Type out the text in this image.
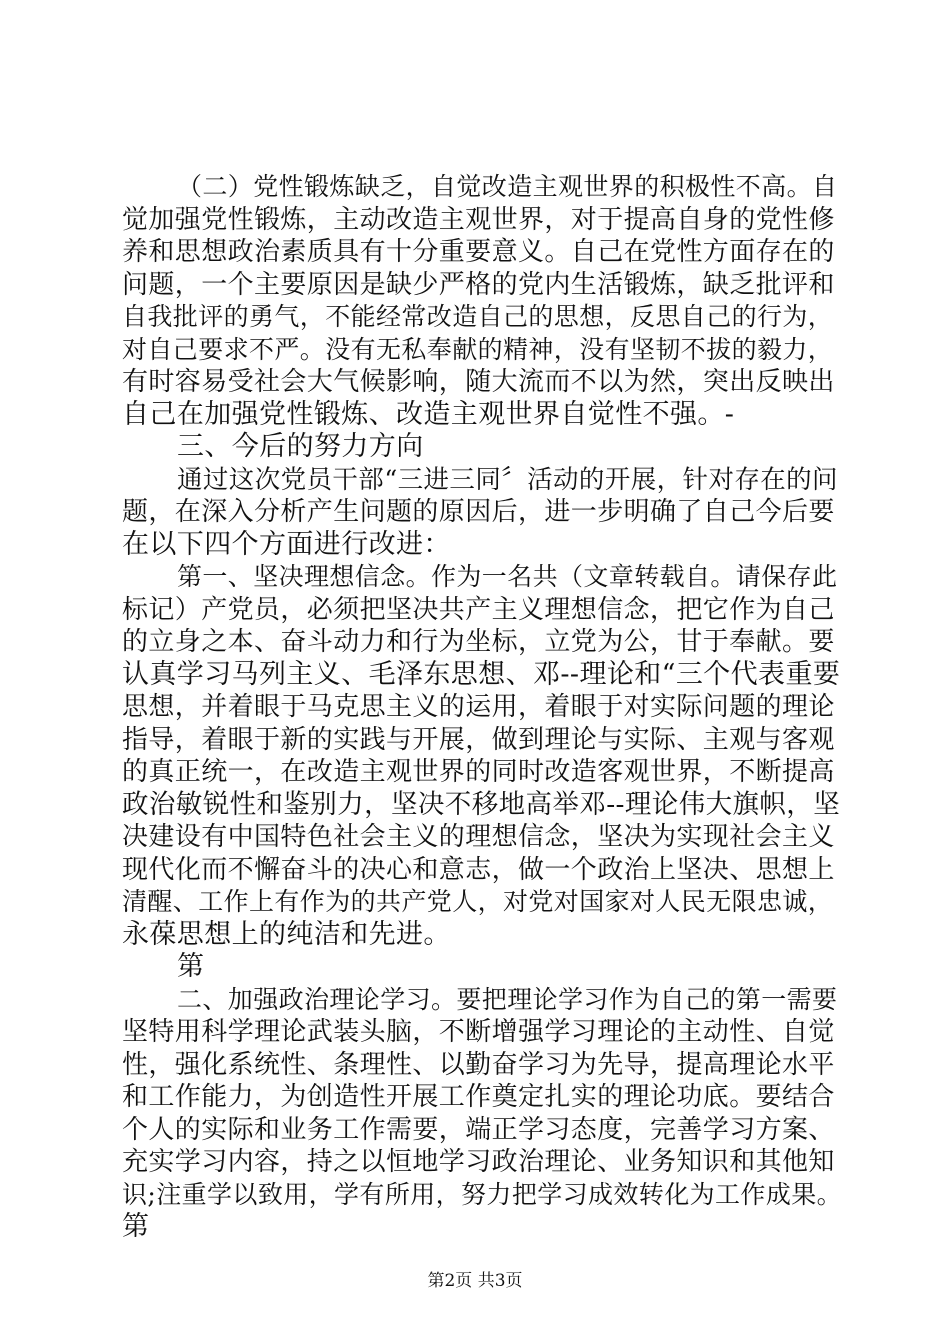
（二）党性锻炼缺乏，自觉改造主观世界的积极性不高。自
觉加强党性锻炼，主动改造主观世界，对于提高自身的党性修
养和思想政治素质具有十分重要意义。自己在党性方面存在的
问题，一个主要原因是缺少严格的党内生活锻炼，缺乏批评和
自我批评的勇气，不能经常改造自己的思想，反思自己的行为，
对自己要求不严。没有无私奉献的精神，没有坚韧不拔的毅力，
有时容易受社会大气候影响，随大流而不以为然，突出反映出
自己在加强党性锻炼、改造主观世界自觉性不强。-
三、今后的努力方向
通过这次党员干部“三进三同〞活动的开展，针对存在的问
题，在深入分析产生问题的原因后，进一步明确了自己今后要
在以下四个方面进行改进：
第一、坚决理想信念。作为一名共（文章转载自。请保存此
标记）产党员，必须把坚决共产主义理想信念，把它作为自己
的立身之本、奋斗动力和行为坐标，立党为公，甘于奉献。要
认真学习马列主义、毛泽东思想、邓--理论和“三个代表重要
思想，并着眼于马克思主义的运用，着眼于对实际问题的理论
指导，着眼于新的实践与开展，做到理论与实际、主观与客观
的真正统一，在改造主观世界的同时改造客观世界，不断提高
政治敏锐性和鉴别力，坚决不移地高举邓--理论伟大旗帜，坚
决建设有中国特色社会主义的理想信念，坚决为实现社会主义
现代化而不懈奋斗的决心和意志，做一个政治上坚决、思想上
清醒、工作上有作为的共产党人，对党对国家对人民无限忠诚，
永葆思想上的纯洁和先进。
第
二、加强政治理论学习。要把理论学习作为自己的第一需要
坚特用科学理论武装头脑，不断增强学习理论的主动性、自觉
性，强化系统性、条理性、以勤奋学习为先导，提高理论水平
和工作能力，为创造性开展工作奠定扎实的理论功底。要结合
个人的实际和业务工作需要，端正学习态度，完善学习方案、
充实学习内容，持之以恒地学习政治理论、业务知识和其他知
识;注重学以致用，学有所用，努力把学习成效转化为工作成果。
第
第2页 共3页
